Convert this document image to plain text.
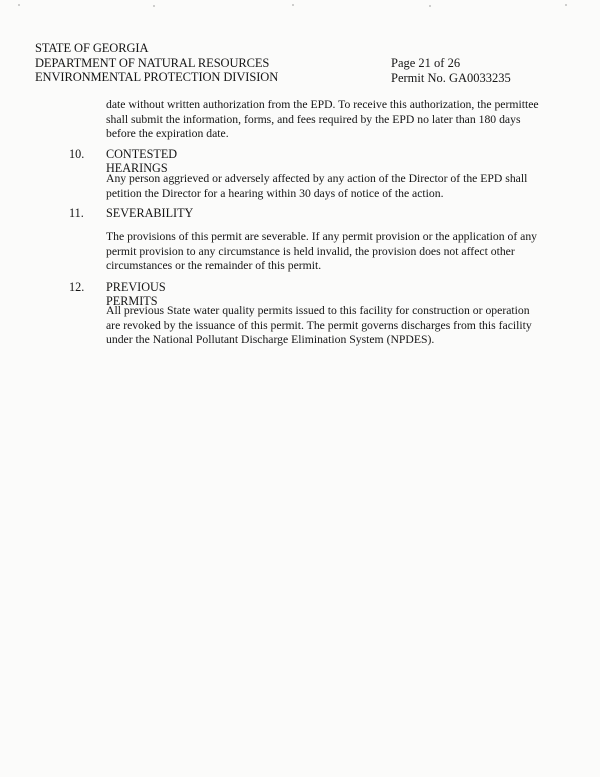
STATE OF GEORGIA
DEPARTMENT OF NATURAL RESOURCES
ENVIRONMENTAL PROTECTION DIVISION
Page 21 of 26
Permit No. GA0033235
date without written authorization from the EPD. To receive this authorization, the permittee
shall submit the information, forms, and fees required by the EPD no later than 180 days
before the expiration date.
10. CONTESTED HEARINGS
Any person aggrieved or adversely affected by any action of the Director of the EPD shall
petition the Director for a hearing within 30 days of notice of the action.
11. SEVERABILITY
The provisions of this permit are severable. If any permit provision or the application of any
permit provision to any circumstance is held invalid, the provision does not affect other
circumstances or the remainder of this permit.
12. PREVIOUS PERMITS
All previous State water quality permits issued to this facility for construction or operation
are revoked by the issuance of this permit. The permit governs discharges from this facility
under the National Pollutant Discharge Elimination System (NPDES).
